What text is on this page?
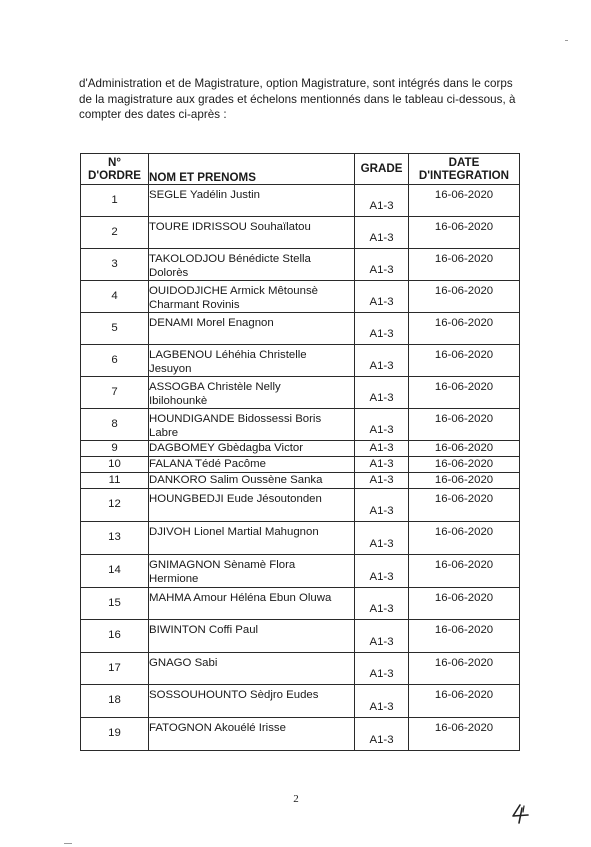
d'Administration et de Magistrature, option Magistrature, sont intégrés dans le corps
de la magistrature aux grades et échelons mentionnés dans le tableau ci-dessous, à
compter des dates ci-après :
N°
D'ORDRE	NOM ET PRENOMS	GRADE	DATE
D'INTEGRATION
1	SEGLE Yadélin Justin	A1-3	16-06-2020
2	TOURE IDRISSOU Souhaïlatou	A1-3	16-06-2020
3	TAKOLODJOU Bénédicte Stella
Dolorès	A1-3	16-06-2020
4	OUIDODJICHE Armick Mêtounsè
Charmant Rovinis	A1-3	16-06-2020
5	DENAMI Morel Enagnon	A1-3	16-06-2020
6	LAGBENOU Léhéhia Christelle
Jesuyon	A1-3	16-06-2020
7	ASSOGBA Christèle Nelly
Ibilohounkè	A1-3	16-06-2020
8	HOUNDIGANDE Bidossessi Boris
Labre	A1-3	16-06-2020
9	DAGBOMEY Gbèdagba Victor	A1-3	16-06-2020
10	FALANA Tédé Pacôme	A1-3	16-06-2020
11	DANKORO Salim Oussène Sanka	A1-3	16-06-2020
12	HOUNGBEDJI Eude Jésoutonden	A1-3	16-06-2020
13	DJIVOH Lionel Martial Mahugnon	A1-3	16-06-2020
14	GNIMAGNON Sènamè Flora
Hermione	A1-3	16-06-2020
15	MAHMA Amour Héléna Ebun Oluwa	A1-3	16-06-2020
16	BIWINTON Coffi Paul	A1-3	16-06-2020
17	GNAGO Sabi	A1-3	16-06-2020
18	SOSSOUHOUNTO Sèdjro Eudes	A1-3	16-06-2020
19	FATOGNON Akouélé Irisse	A1-3	16-06-2020
2
